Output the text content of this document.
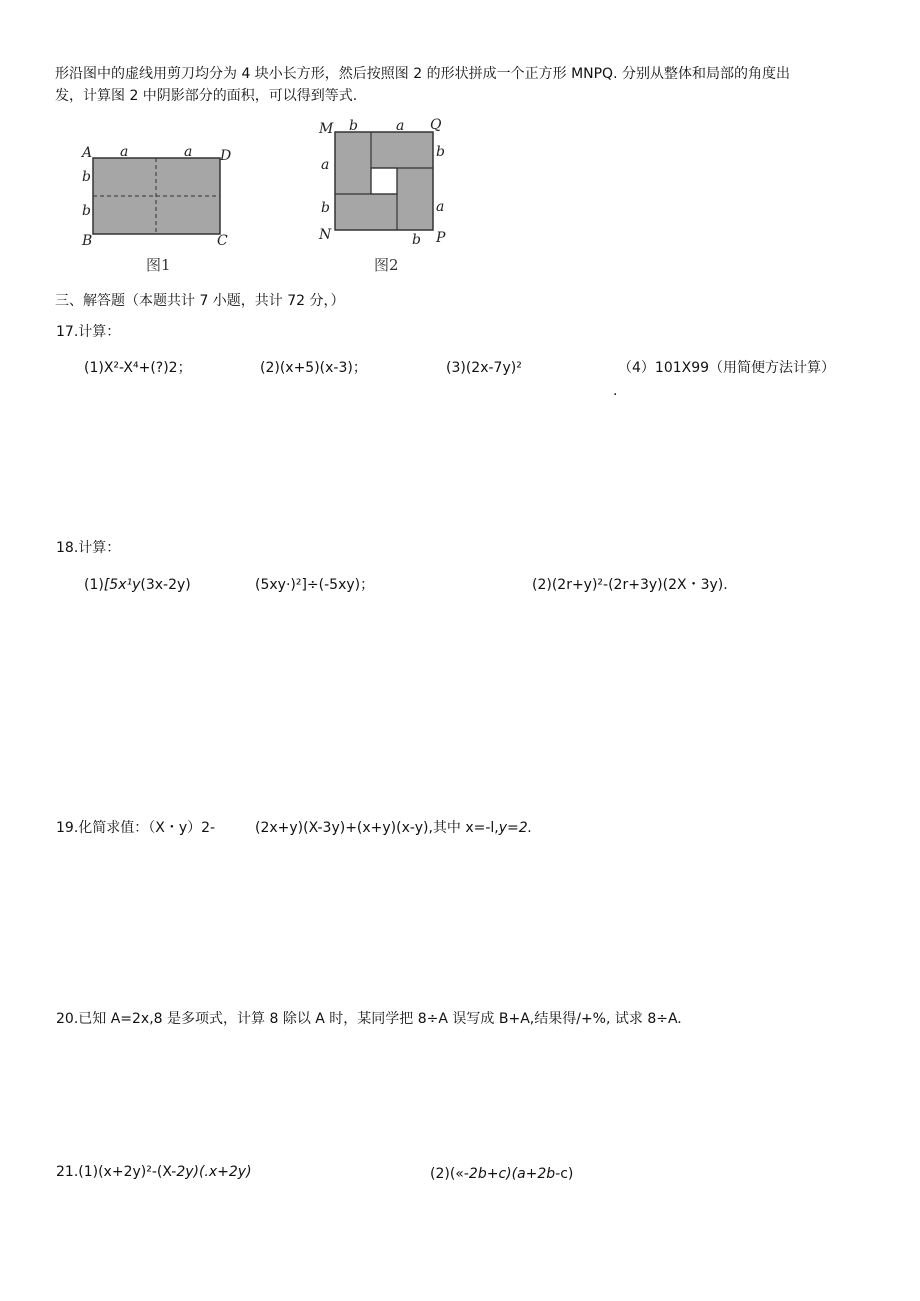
形沿图中的虚线用剪刀均分为 4 块小长方形，然后按照图 2 的形状拼成一个正方形 MNPQ. 分别从整体和局部的角度出
发，计算图 2 中阴影部分的面积，可以得到等式.
A	D
B	C
a	a
b
b
图1
M	Q
N	P
b	a
b
a
a
b
b
图2
三、解答题（本题共计 7 小题，共计 72 分，）
17.计算：
(1)X²-X⁴+(?)2；	(2)(x+5)(x-3)；	(3)(2x-7y)²	（4）101X99（用简便方法计算）
.
18.计算：
(1)[5x¹y(3x-2y)	(5xy·)²]÷(-5xy)；	(2)(2r+y)²-(2r+3y)(2X・3y).
19.化简求值：（X・y）2-	(2x+y)(X-3y)+(x+y)(x-y),其中 x=-l,y=2.
20.已知 A=2x,8 是多项式，计算 8 除以 A 时，某同学把 8÷A 误写成 B+A,结果得/+%, 试求 8÷A.
21.(1)(x+2y)²-(X-2y)(.x+2y)	(2)(«-2b+c)(a+2b-c)
